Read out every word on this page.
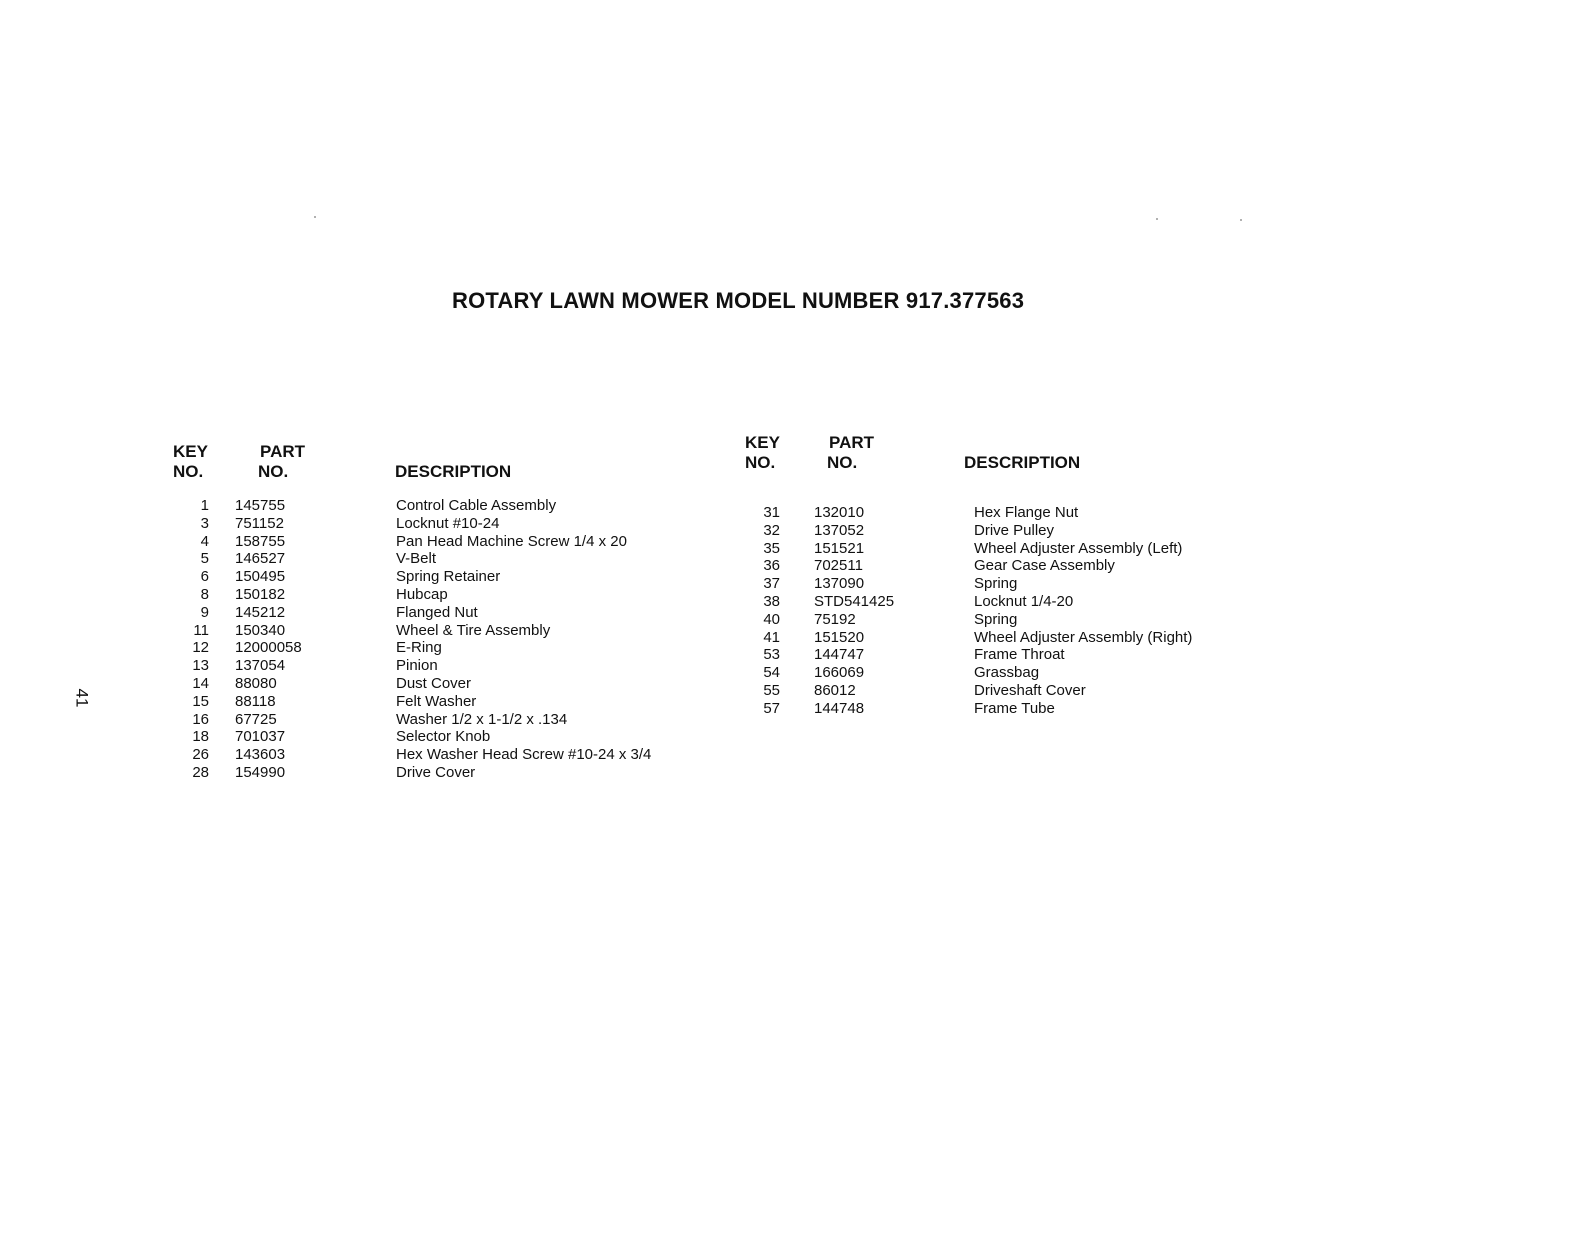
ROTARY LAWN MOWER MODEL NUMBER 917.377563
41
KEY
NO.
PART
NO.	DESCRIPTION
1 145755	Control Cable Assembly
3 751152	Locknut #10-24
4 158755	Pan Head Machine Screw 1/4 x 20
5 146527	V-Belt
6 150495	Spring Retainer
8 150182	Hubcap
9 145212	Flanged Nut
11 150340	Wheel & Tire Assembly
12 12000058	E-Ring
13 137054	Pinion
14 88080	Dust Cover
15 88118	Felt Washer
16 67725	Washer 1/2 x 1-1/2 x .134
18 701037	Selector Knob
26 143603	Hex Washer Head Screw #10-24 x 3/4
28 154990	Drive Cover
KEY
NO.
PART
NO.	DESCRIPTION
31 132010	Hex Flange Nut
32 137052	Drive Pulley
35 151521	Wheel Adjuster Assembly (Left)
36 702511	Gear Case Assembly
37 137090	Spring
38 STD541425	Locknut 1/4-20
40 75192	Spring
41 151520	Wheel Adjuster Assembly (Right)
53 144747	Frame Throat
54 166069	Grassbag
55 86012	Driveshaft Cover
57 144748	Frame Tube
